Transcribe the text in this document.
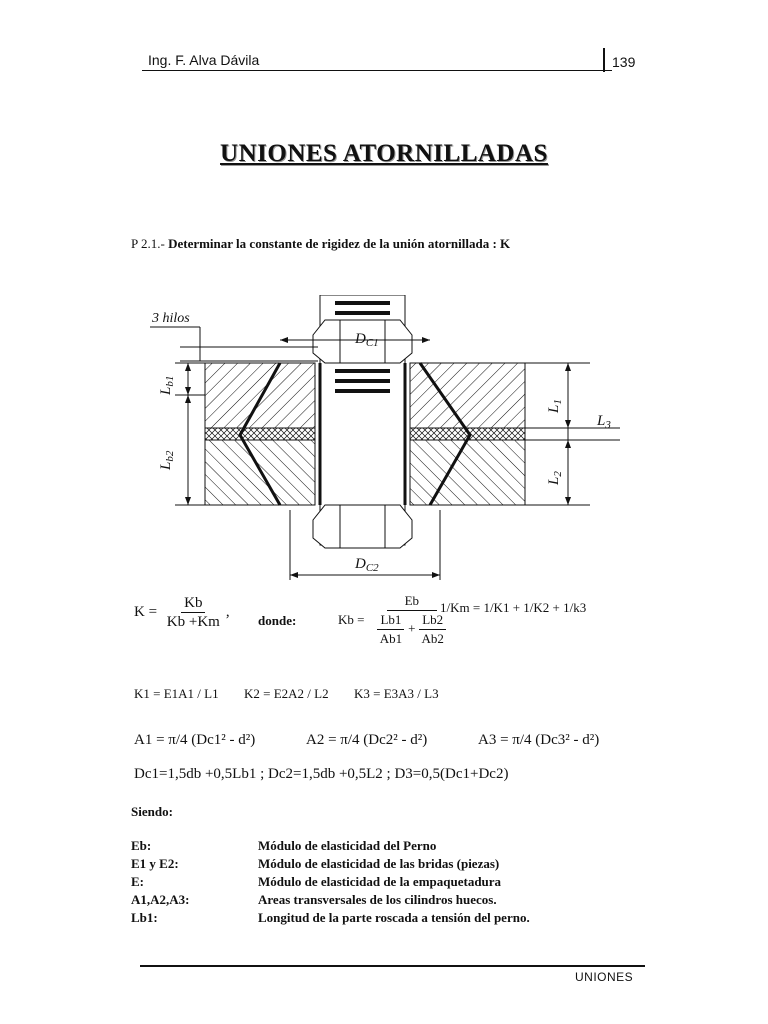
Ing. F. Alva Dávila	139
UNIONES ATORNILLADAS
P 2.1.- Determinar la constante de rigidez de la unión atornillada : K
$D_{C1}$
$D_{C2}$
3 hilos
$L_{b1}$
$L_{b2}$
$L_1$
$L_2$
$L_3$
$K = \frac{Kb}{Kb +Km}$ ,
donde:	$Kb = \frac{Eb}{\frac{Lb1}{Ab1} + \frac{Lb2}{Ab2}}$
1/Km = 1/K1 + 1/K2 + 1/k3
K1 = E1A1 / L1 K2 = E2A2 / L2 K3 = E3A3 / L3
A1 = π/4 (Dc1² - d²)	A2 = π/4 (Dc2² - d²)	A3 = π/4 (Dc3² - d²)
Dc1=1,5db +0,5Lb1 ; Dc2=1,5db +0,5L2 ; D3=0,5(Dc1+Dc2)
Siendo:
Eb:	Módulo de elasticidad del Perno
E1 y E2:	Módulo de elasticidad de las bridas (piezas)
E:	Módulo de elasticidad de la empaquetadura
A1,A2,A3:	Areas transversales de los cilindros huecos.
Lb1:	Longitud de la parte roscada a tensión del perno.
UNIONES
